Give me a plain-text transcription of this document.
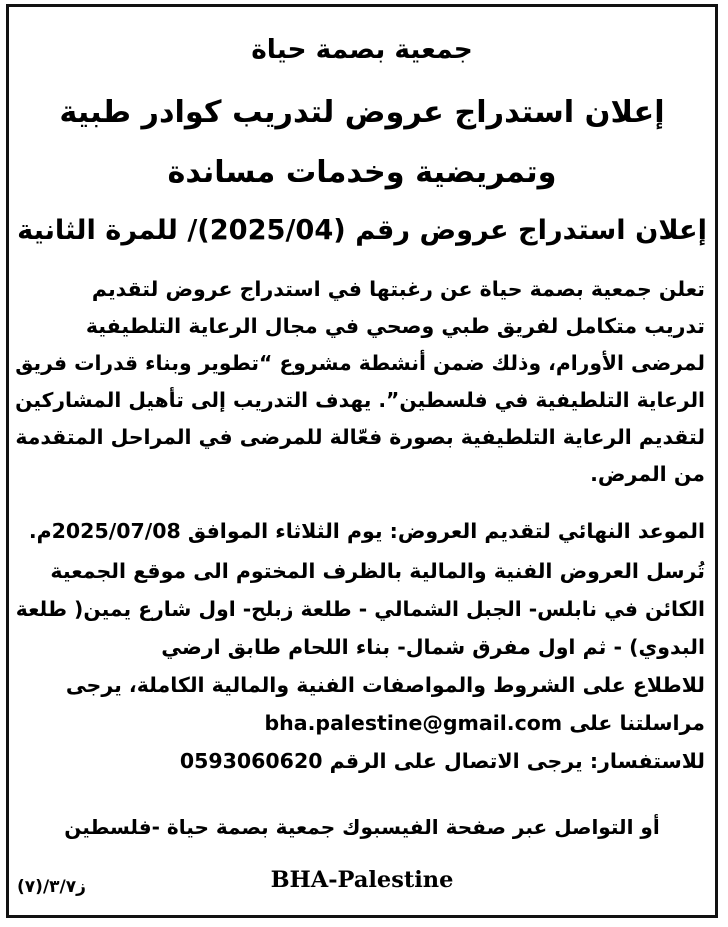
جمعية بصمة حياة
إعلان استدراج عروض لتدريب كوادر طبية
وتمريضية وخدمات مساندة
إعلان استدراج عروض رقم (2025/04)/ للمرة الثانية
تعلن جمعية بصمة حياة عن رغبتها في استدراج عروض لتقديم
تدريب متكامل لفريق طبي وصحي في مجال الرعاية التلطيفية
لمرضى الأورام، وذلك ضمن أنشطة مشروع “تطوير وبناء قدرات فريق
الرعاية التلطيفية في فلسطين”. يهدف التدريب إلى تأهيل المشاركين
لتقديم الرعاية التلطيفية بصورة فعّالة للمرضى في المراحل المتقدمة
من المرض.
الموعد النهائي لتقديم العروض: يوم الثلاثاء الموافق 2025/07/08م.
تُرسل العروض الفنية والمالية بالظرف المختوم الى موقع الجمعية
الكائن في نابلس- الجبل الشمالي - طلعة زبلح- اول شارع يمين( طلعة
البدوي) - ثم اول مفرق شمال- بناء اللحام طابق ارضي
للاطلاع على الشروط والمواصفات الفنية والمالية الكاملة، يرجى
مراسلتنا على bha.palestine@gmail.com
للاستفسار: يرجى الاتصال على الرقم 0593060620
أو التواصل عبر صفحة الفيسبوك جمعية بصمة حياة -فلسطين
BHA-Palestine
ز٣/٧/(٧)
